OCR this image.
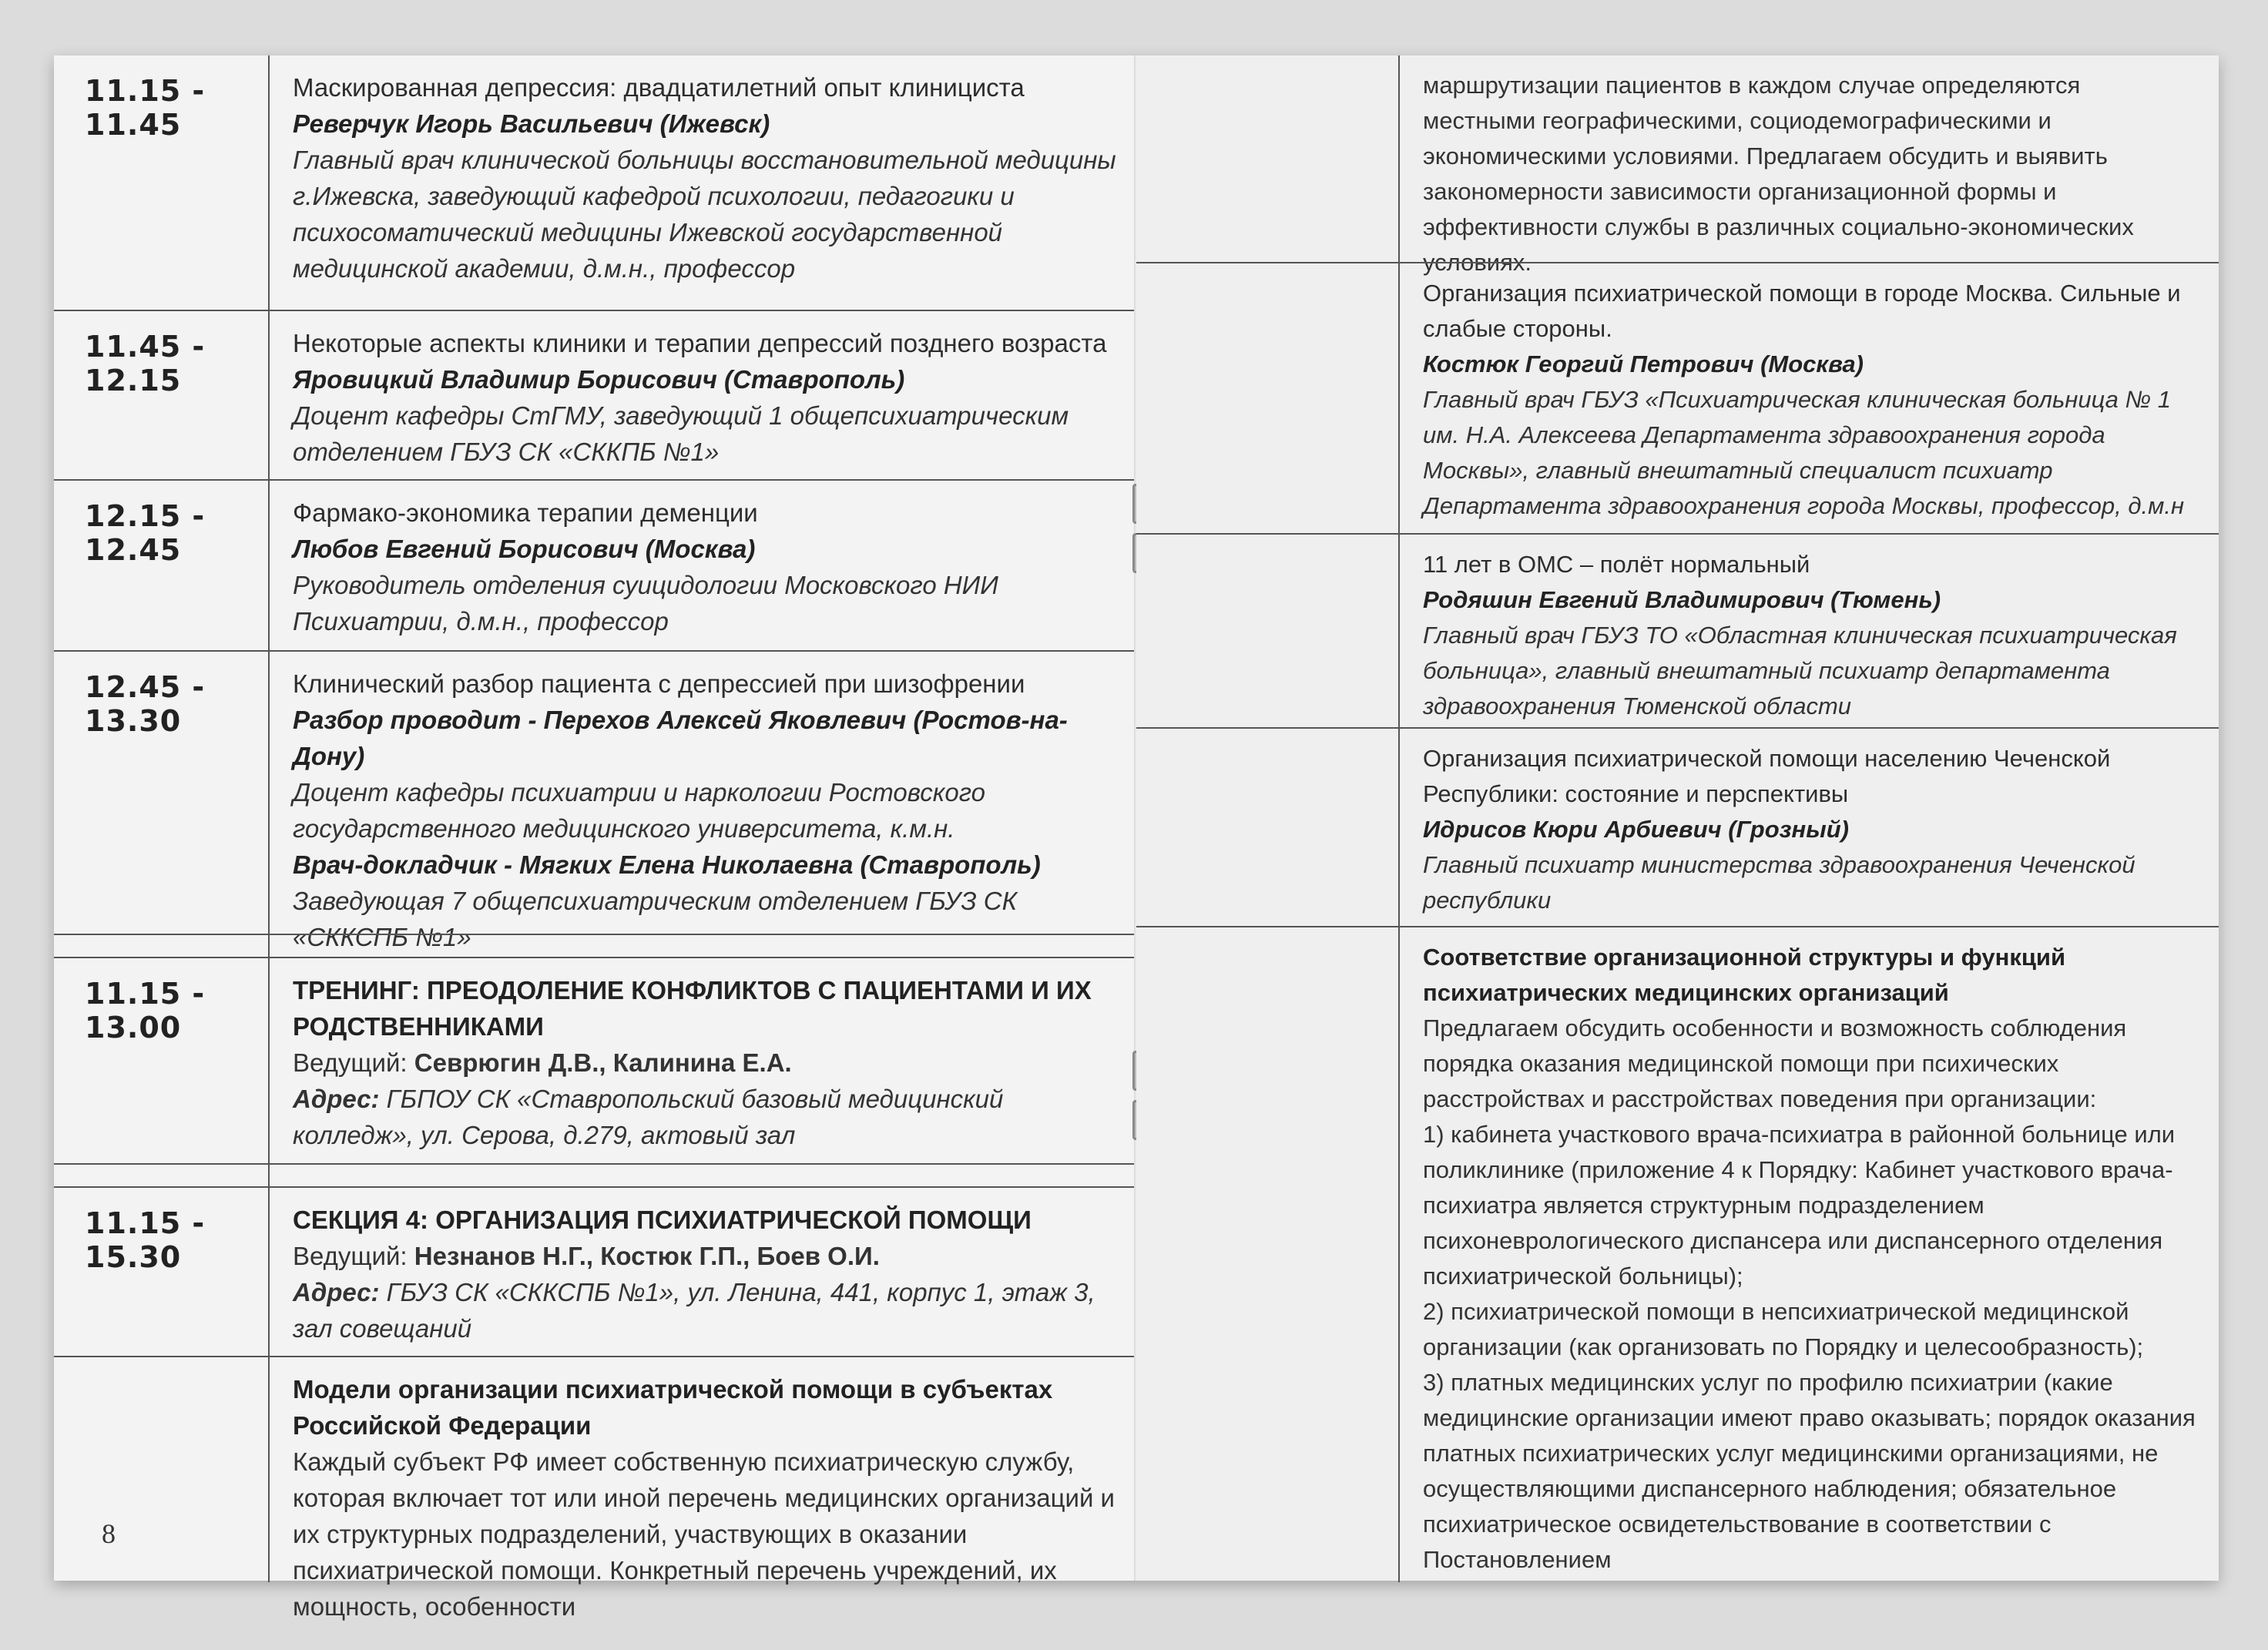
11.15 - 11.45
Маскированная депрессия: двадцатилетний опыт клинициста
Реверчук Игорь Васильевич (Ижевск)
Главный врач клинической больницы восстановительной медицины г.Ижевска, заведующий кафедрой психологии, педагогики и психосоматический медицины Ижевской государственной медицинской академии, д.м.н., профессор
11.45 - 12.15
Некоторые аспекты клиники и терапии депрессий позднего возраста
Яровицкий Владимир Борисович (Ставрополь)
Доцент кафедры СтГМУ, заведующий 1 общепсихиатрическим отделением ГБУЗ СК «СККПБ №1»
12.15 - 12.45
Фармако-экономика терапии деменции
Любов Евгений Борисович (Москва)
Руководитель отделения суицидологии Московского НИИ Психиатрии, д.м.н., профессор
12.45 - 13.30
Клинический разбор пациента с депрессией при шизофрении
Разбор проводит - Перехов Алексей Яковлевич (Ростов-на-Дону)
Доцент кафедры психиатрии и наркологии Ростовского государственного медицинского университета, к.м.н.
Врач-докладчик - Мягких Елена Николаевна (Ставрополь)
Заведующая 7 общепсихиатрическим отделением ГБУЗ СК «СККСПБ №1»
11.15 - 13.00
ТРЕНИНГ: ПРЕОДОЛЕНИЕ КОНФЛИКТОВ С ПАЦИЕНТАМИ И ИХ РОДСТВЕННИКАМИ
Ведущий: Севрюгин Д.В., Калинина Е.А.
Адрес: ГБПОУ СК «Ставропольский базовый медицинский колледж», ул. Серова, д.279, актовый зал
11.15 - 15.30
СЕКЦИЯ 4: ОРГАНИЗАЦИЯ ПСИХИАТРИЧЕСКОЙ ПОМОЩИ
Ведущий: Незнанов Н.Г., Костюк Г.П., Боев О.И.
Адрес: ГБУЗ СК «СККСПБ №1», ул. Ленина, 441, корпус 1, этаж 3, зал совещаний
Модели организации психиатрической помощи в субъектах Российской Федерации
Каждый субъект РФ имеет собственную психиатрическую службу, которая включает тот или иной перечень медицинских организаций и их структурных подразделений, участвующих в оказании психиатрической помощи. Конкретный перечень учреждений, их мощность, особенности
8
маршрутизации пациентов в каждом случае определяются местными географическими, социодемографическими и экономическими условиями. Предлагаем обсудить и выявить закономерности зависимости организационной формы и эффективности службы в различных социально-экономических условиях.
Организация психиатрической помощи в городе Москва. Сильные и слабые стороны.
Костюк Георгий Петрович (Москва)
Главный врач ГБУЗ «Психиатрическая клиническая больница № 1 им. Н.А. Алексеева Департамента здравоохранения города Москвы», главный внештатный специалист психиатр Департамента здравоохранения города Москвы, профессор, д.м.н
11 лет в ОМС – полёт нормальный
Родяшин Евгений Владимирович (Тюмень)
Главный врач ГБУЗ ТО «Областная клиническая психиатрическая больница», главный внештатный психиатр департамента здравоохранения Тюменской области
Организация психиатрической помощи населению Чеченской Республики: состояние и перспективы
Идрисов Кюри Арбиевич (Грозный)
Главный психиатр министерства здравоохранения Чеченской республики
Соответствие организационной структуры и функций психиатрических медицинских организаций
Предлагаем обсудить особенности и возможность соблюдения порядка оказания медицинской помощи при психических расстройствах и расстройствах поведения при организации:
1) кабинета участкового врача-психиатра в районной больнице или поликлинике (приложение 4 к Порядку: Кабинет участкового врача-психиатра является структурным подразделением психоневрологического диспансера или диспансерного отделения психиатрической больницы);
2) психиатрической помощи в непсихиатрической медицинской организации (как организовать по Порядку и целесообразность);
3) платных медицинских услуг по профилю психиатрии (какие медицинские организации имеют право оказывать; порядок оказания платных психиатрических услуг медицинскими организациями, не осуществляющими диспансерного наблюдения; обязательное психиатрическое освидетельствование в соответствии с Постановлением
